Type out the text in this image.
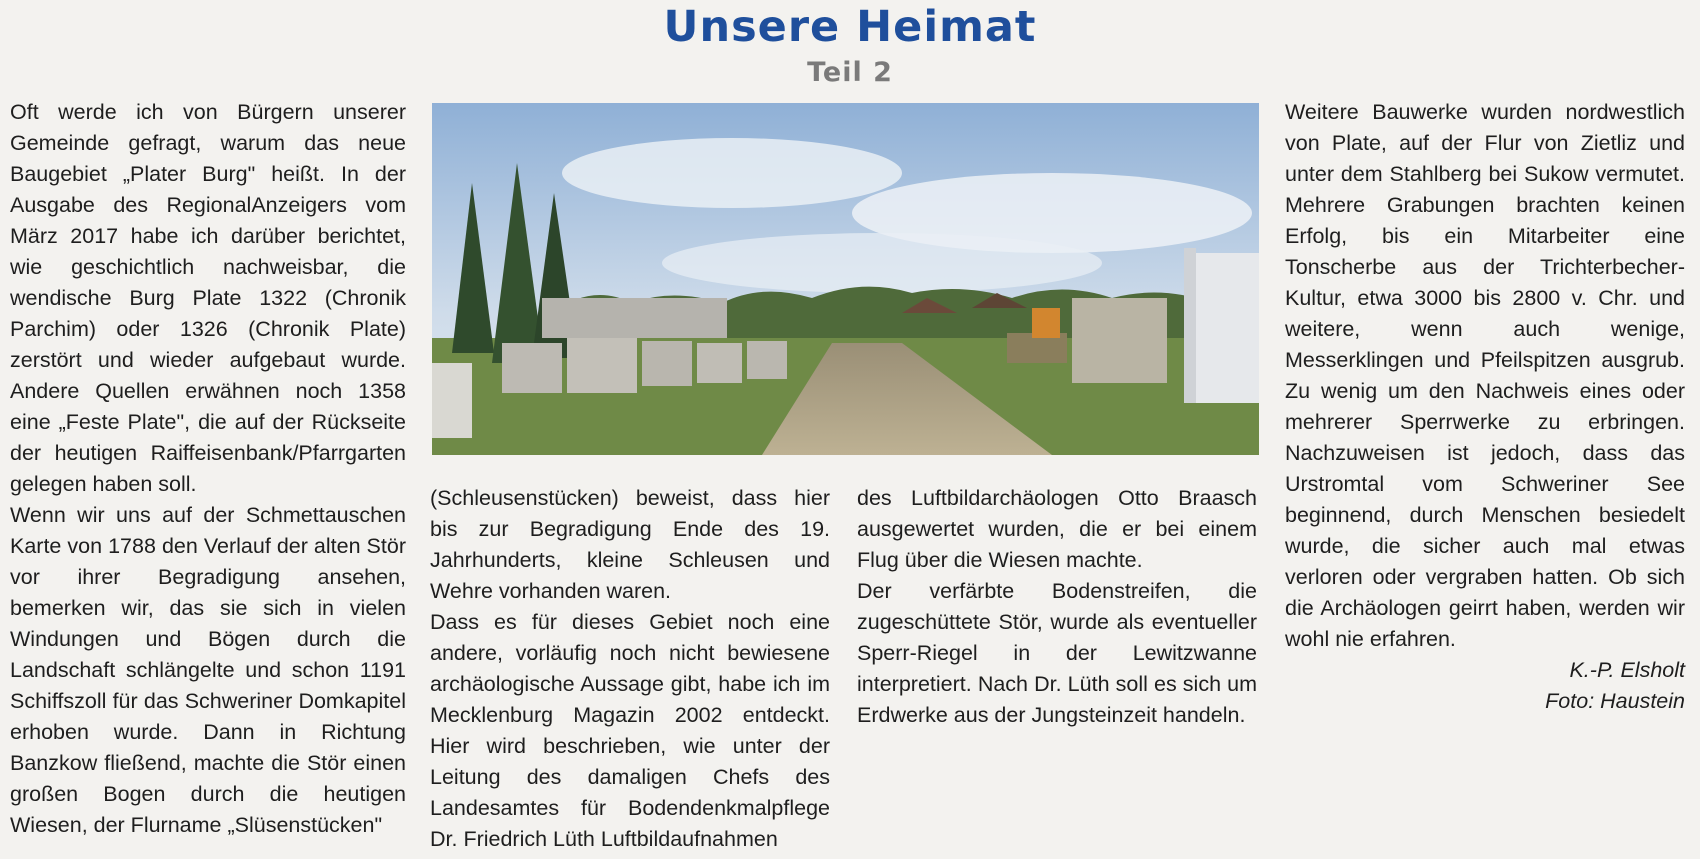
Unsere Heimat
Teil 2

Oft werde ich von Bürgern unserer Gemeinde gefragt, warum das neue Baugebiet „Plater Burg" heißt. In der Ausgabe des RegionalAnzeigers vom März 2017 habe ich darüber berichtet, wie geschichtlich nachweisbar, die wendische Burg Plate 1322 (Chronik Parchim) oder 1326 (Chronik Plate) zerstört und wieder aufgebaut wurde. Andere Quellen erwähnen noch 1358 eine „Feste Plate", die auf der Rückseite der heutigen Raiffeisenbank/Pfarrgarten gelegen haben soll.

Wenn wir uns auf der Schmettauschen Karte von 1788 den Verlauf der alten Stör vor ihrer Begradigung ansehen, bemerken wir, das sie sich in vielen Windungen und Bögen durch die Landschaft schlängelte und schon 1191 Schiffszoll für das Schweriner Domkapitel erhoben wurde. Dann in Richtung Banzkow fließend, machte die Stör einen großen Bogen durch die heutigen Wiesen, der Flurname „Slüsenstücken"

(Schleusenstücken) beweist, dass hier bis zur Begradigung Ende des 19. Jahrhunderts, kleine Schleusen und Wehre vorhanden waren.

Dass es für dieses Gebiet noch eine andere, vorläufig noch nicht bewiesene archäologische Aussage gibt, habe ich im Mecklenburg Magazin 2002 entdeckt. Hier wird beschrieben, wie unter der Leitung des damaligen Chefs des Landesamtes für Bodendenkmalpflege Dr. Friedrich Lüth Luftbildaufnahmen

des Luftbildarchäologen Otto Braasch ausgewertet wurden, die er bei einem Flug über die Wiesen machte.

Der verfärbte Bodenstreifen, die zugeschüttete Stör, wurde als eventueller Sperr-Riegel in der Lewitzwanne interpretiert. Nach Dr. Lüth soll es sich um Erdwerke aus der Jungsteinzeit handeln.

Weitere Bauwerke wurden nordwestlich von Plate, auf der Flur von Zietliz und unter dem Stahlberg bei Sukow vermutet. Mehrere Grabungen brachten keinen Erfolg, bis ein Mitarbeiter eine Tonscherbe aus der Trichterbecher-Kultur, etwa 3000 bis 2800 v. Chr. und weitere, wenn auch wenige, Messerklingen und Pfeilspitzen ausgrub. Zu wenig um den Nachweis eines oder mehrerer Sperrwerke zu erbringen. Nachzuweisen ist jedoch, dass das Urstromtal vom Schweriner See beginnend, durch Menschen besiedelt wurde, die sicher auch mal etwas verloren oder vergraben hatten. Ob sich die Archäologen geirrt haben, werden wir wohl nie erfahren.

K.-P. Elsholt

Foto: Haustein
